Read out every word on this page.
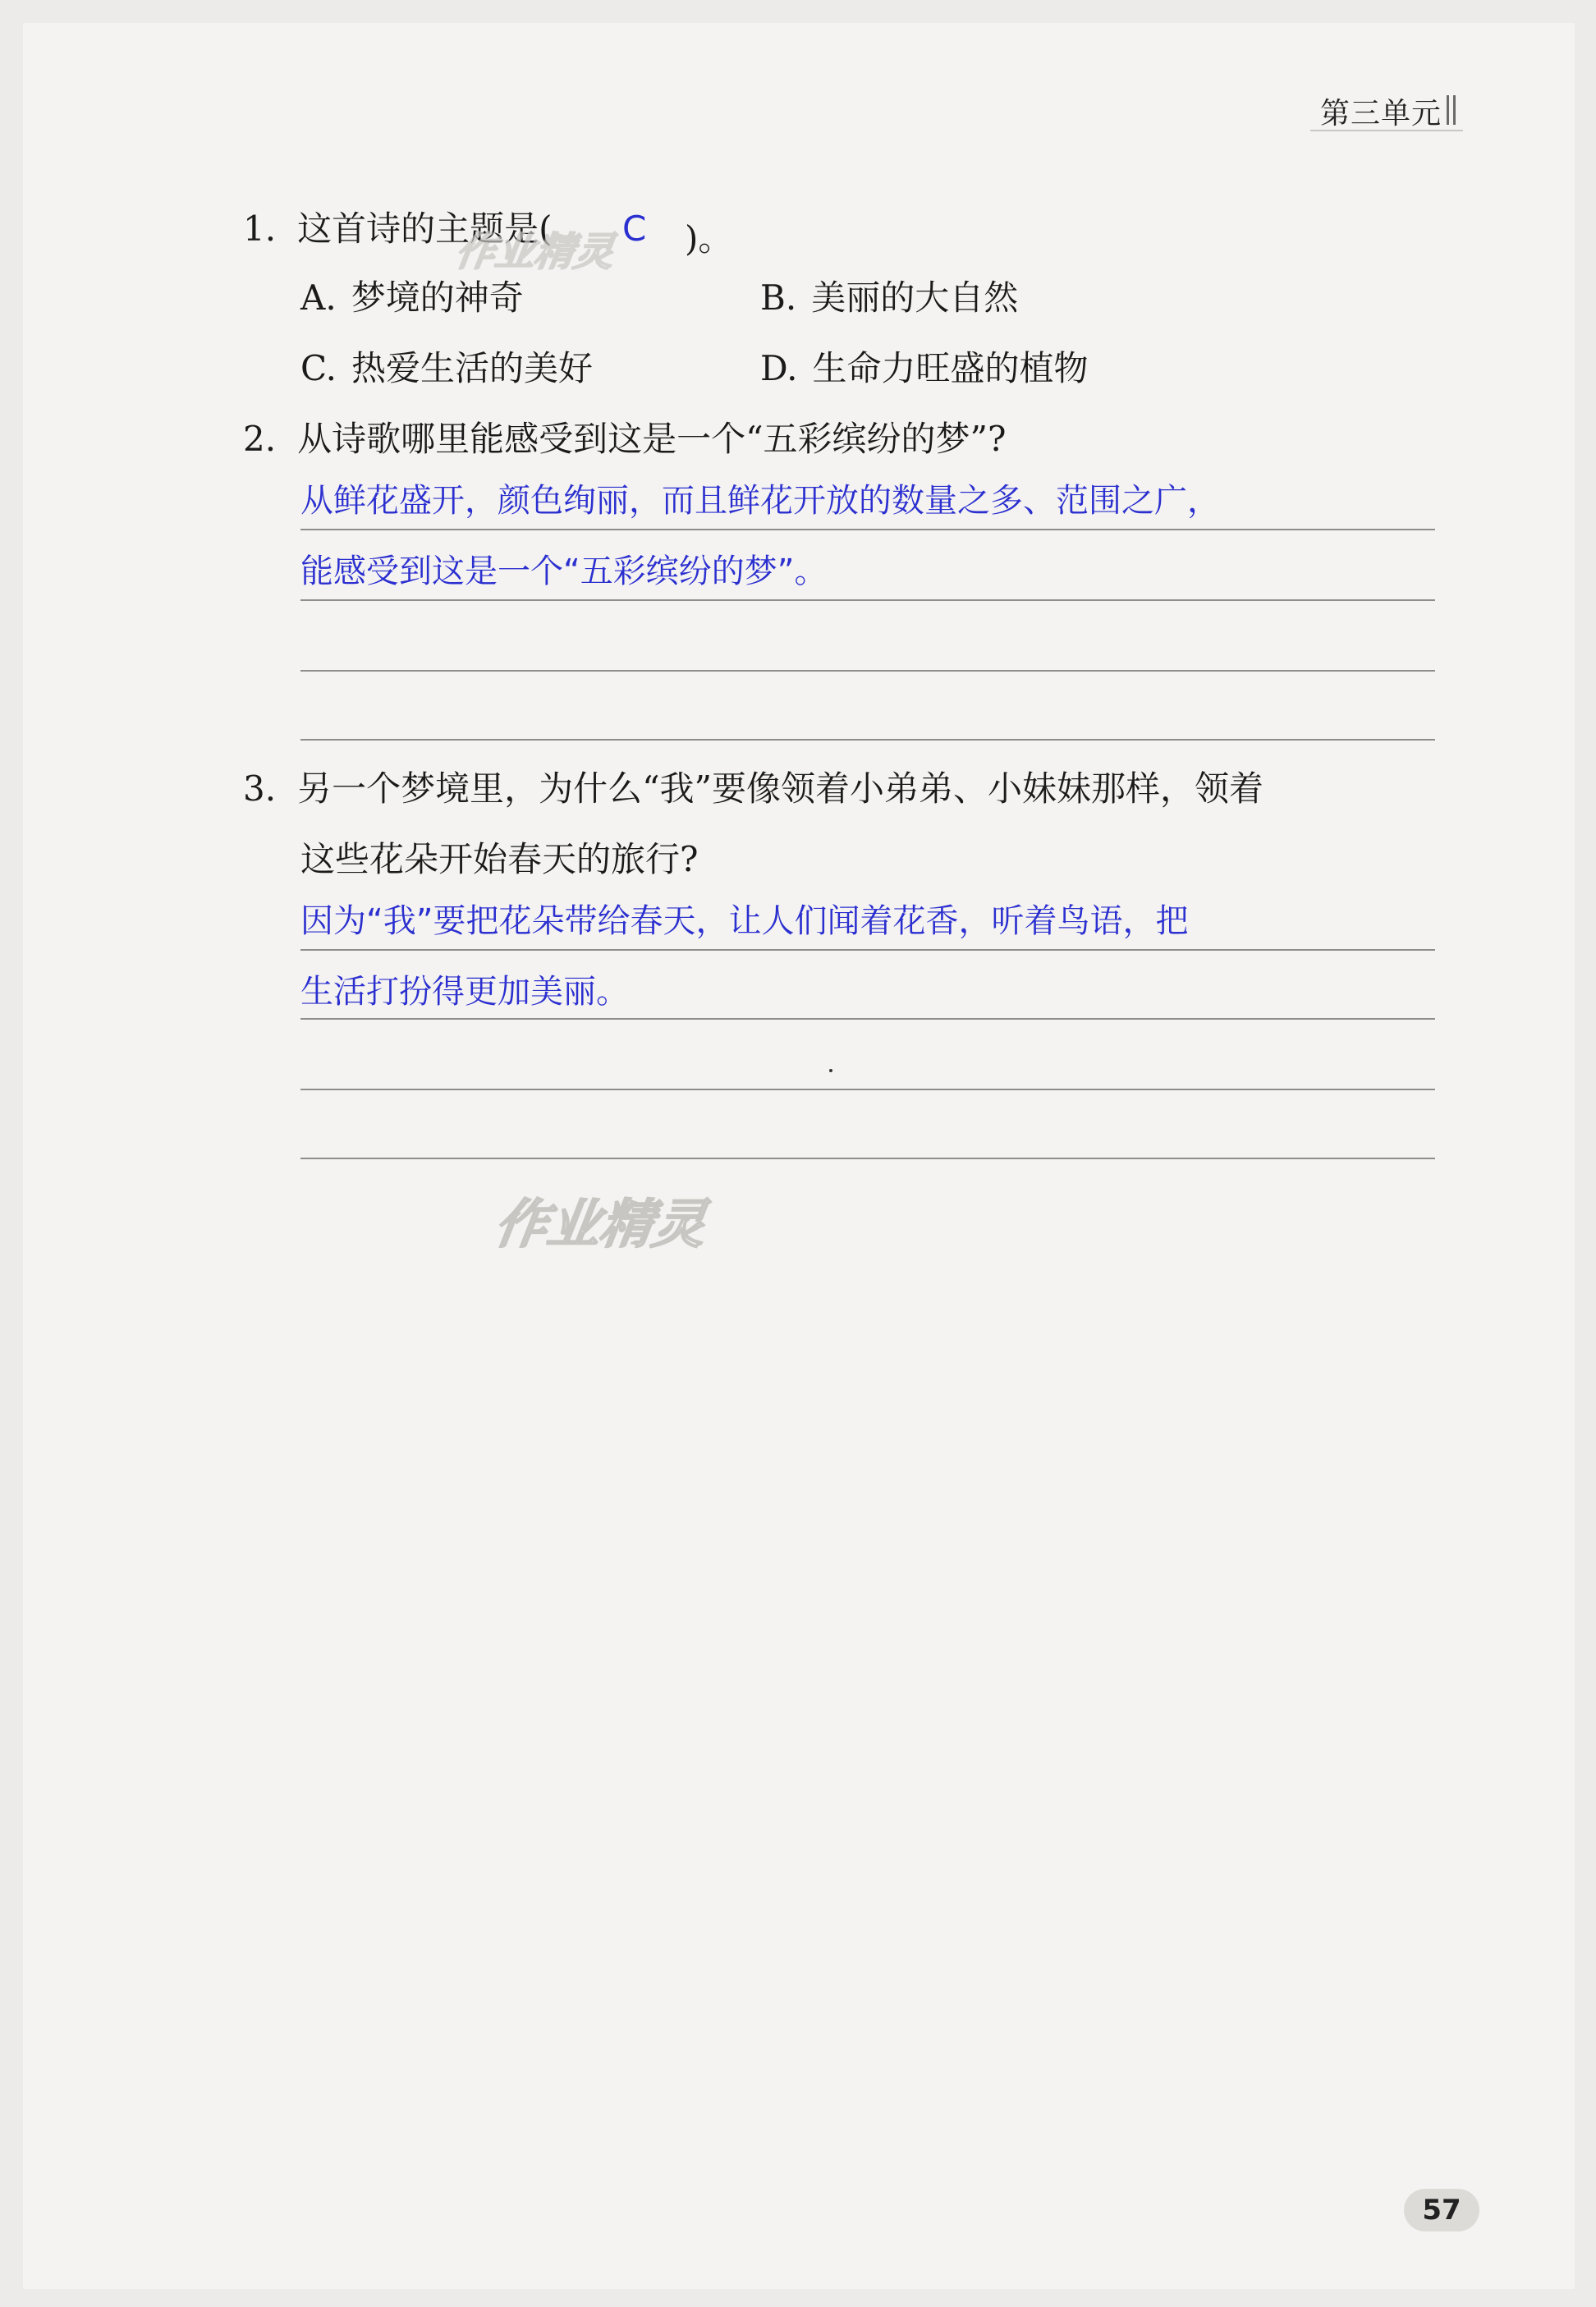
第三单元
1. 这首诗的主题是( C )。
A. 梦境的神奇	B. 美丽的大自然
C. 热爱生活的美好	D. 生命力旺盛的植物
2. 从诗歌哪里能感受到这是一个“五彩缤纷的梦”?
从鲜花盛开，颜色绚丽，而且鲜花开放的数量之多、范围之广，
能感受到这是一个“五彩缤纷的梦”。
3. 另一个梦境里，为什么“我”要像领着小弟弟、小妹妹那样，领着
这些花朵开始春天的旅行?
因为“我”要把花朵带给春天，让人们闻着花香，听着鸟语，把
生活打扮得更加美丽。
作业精灵
作业精灵
57
